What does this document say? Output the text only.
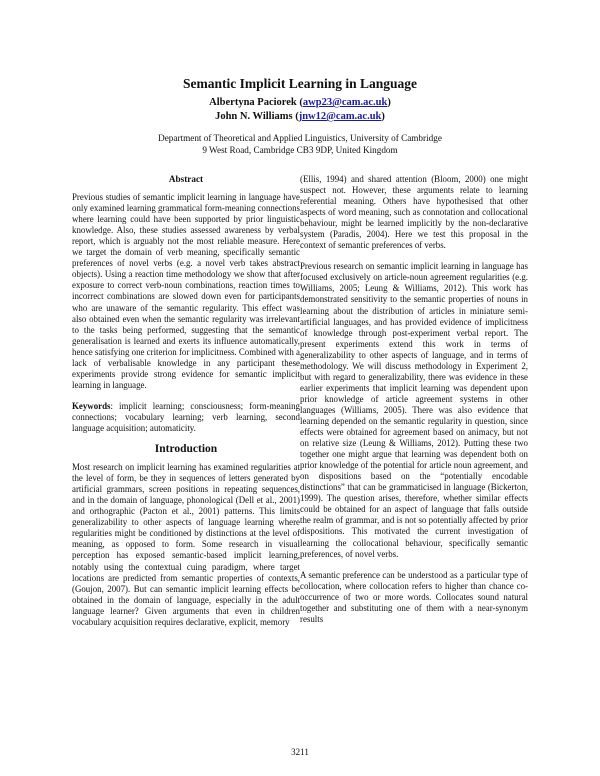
Semantic Implicit Learning in Language
Albertyna Paciorek (awp23@cam.ac.uk)
John N. Williams (jnw12@cam.ac.uk)
Department of Theoretical and Applied Linguistics, University of Cambridge
9 West Road, Cambridge CB3 9DP, United Kingdom
Abstract

Previous studies of semantic implicit learning in language have only examined learning grammatical form-meaning connections where learning could have been supported by prior linguistic knowledge. Also, these studies assessed awareness by verbal report, which is arguably not the most reliable measure. Here we target the domain of verb meaning, specifically semantic preferences of novel verbs (e.g. a novel verb takes abstract objects). Using a reaction time methodology we show that after exposure to correct verb-noun combinations, reaction times to incorrect combinations are slowed down even for participants who are unaware of the semantic regularity. This effect was also obtained even when the semantic regularity was irrelevant to the tasks being performed, suggesting that the semantic generalisation is learned and exerts its influence automatically, hence satisfying one criterion for implicitness. Combined with a lack of verbalisable knowledge in any participant these experiments provide strong evidence for semantic implicit learning in language.

Keywords: implicit learning; consciousness; form-meaning connections; vocabulary learning; verb learning, second language acquisition; automaticity.

Introduction

Most research on implicit learning has examined regularities at the level of form, be they in sequences of letters generated by artificial grammars, screen positions in repeating sequences, and in the domain of language, phonological (Dell et al., 2001) and orthographic (Pacton et al., 2001) patterns. This limits generalizability to other aspects of language learning where regularities might be conditioned by distinctions at the level of meaning, as opposed to form. Some research in visual perception has exposed semantic-based implicit learning, notably using the contextual cuing paradigm, where target locations are predicted from semantic properties of contexts, (Goujon, 2007). But can semantic implicit learning effects be obtained in the domain of language, especially in the adult language learner? Given arguments that even in children vocabulary acquisition requires declarative, explicit, memory

(Ellis, 1994) and shared attention (Bloom, 2000) one might suspect not. However, these arguments relate to learning referential meaning. Others have hypothesised that other aspects of word meaning, such as connotation and collocational behaviour, might be learned implicitly by the non-declarative system (Paradis, 2004). Here we test this proposal in the context of semantic preferences of verbs.

Previous research on semantic implicit learning in language has focused exclusively on article-noun agreement regularities (e.g. Williams, 2005; Leung & Williams, 2012). This work has demonstrated sensitivity to the semantic properties of nouns in learning about the distribution of articles in miniature semi-artificial languages, and has provided evidence of implicitness of knowledge through post-experiment verbal report. The present experiments extend this work in terms of generalizability to other aspects of language, and in terms of methodology. We will discuss methodology in Experiment 2, but with regard to generalizability, there was evidence in these earlier experiments that implicit learning was dependent upon prior knowledge of article agreement systems in other languages (Williams, 2005). There was also evidence that learning depended on the semantic regularity in question, since effects were obtained for agreement based on animacy, but not on relative size (Leung & Williams, 2012). Putting these two together one might argue that learning was dependent both on prior knowledge of the potential for article noun agreement, and on dispositions based on the “potentially encodable distinctions” that can be grammaticised in language (Bickerton, 1999). The question arises, therefore, whether similar effects could be obtained for an aspect of language that falls outside the realm of grammar, and is not so potentially affected by prior dispositions. This motivated the current investigation of learning the collocational behaviour, specifically semantic preferences, of novel verbs.

A semantic preference can be understood as a particular type of collocation, where collocation refers to higher than chance co-occurrence of two or more words. Collocates sound natural together and substituting one of them with a near-synonym results

3211
